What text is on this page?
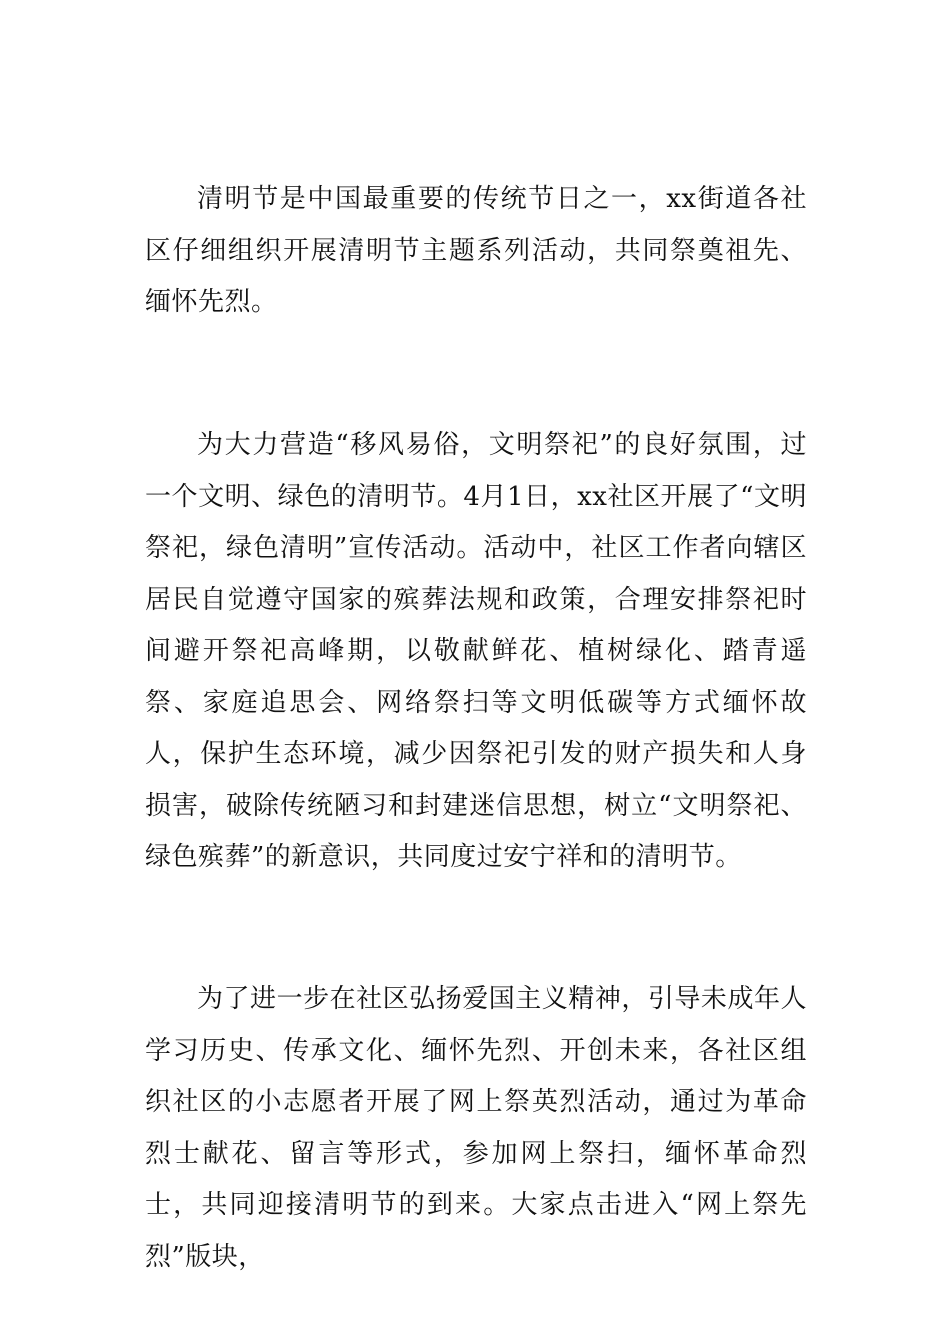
清明节是中国最重要的传统节日之一，xx街道各社区仔细组织开展清明节主题系列活动，共同祭奠祖先、缅怀先烈。

为大力营造“移风易俗，文明祭祀”的良好氛围，过一个文明、绿色的清明节。4月1日，xx社区开展了“文明祭祀，绿色清明”宣传活动。活动中，社区工作者向辖区居民自觉遵守国家的殡葬法规和政策，合理安排祭祀时间避开祭祀高峰期，以敬献鲜花、植树绿化、踏青遥祭、家庭追思会、网络祭扫等文明低碳等方式缅怀故人，保护生态环境，减少因祭祀引发的财产损失和人身损害，破除传统陋习和封建迷信思想，树立“文明祭祀、绿色殡葬”的新意识，共同度过安宁祥和的清明节。

为了进一步在社区弘扬爱国主义精神，引导未成年人学习历史、传承文化、缅怀先烈、开创未来，各社区组织社区的小志愿者开展了网上祭英烈活动，通过为革命烈士献花、留言等形式，参加网上祭扫，缅怀革命烈士，共同迎接清明节的到来。大家点击进入“网上祭先烈”版块，
